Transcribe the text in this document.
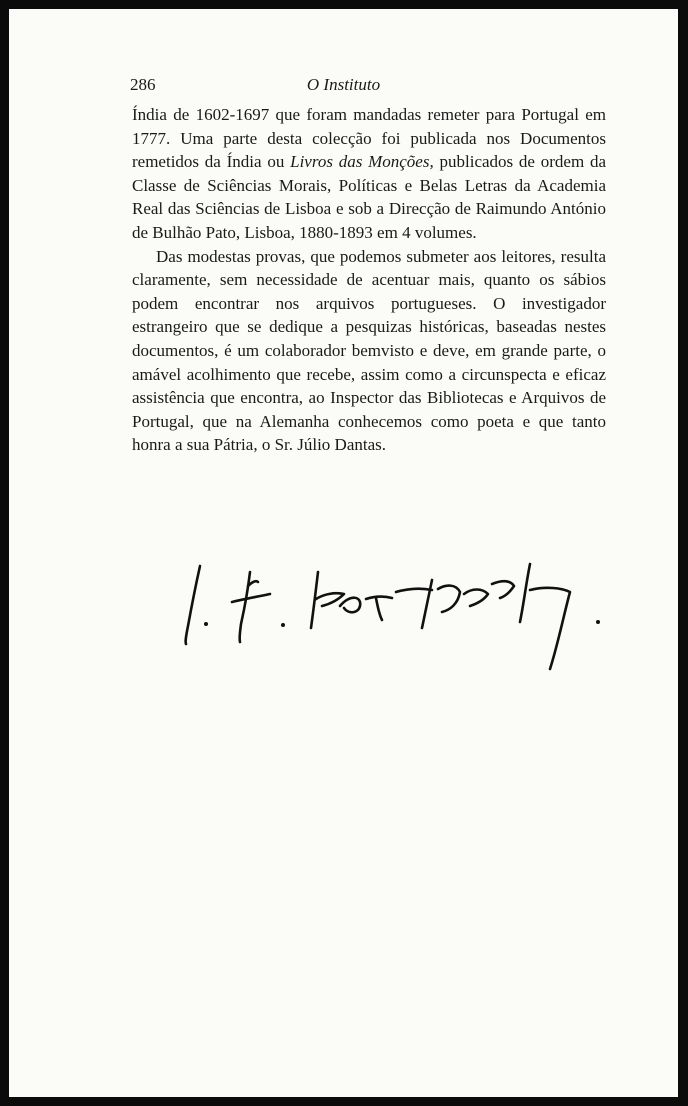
286	O Instituto

Índia de 1602-1697 que foram mandadas remeter para Portugal em 1777. Uma parte desta colecção foi publicada nos Documentos remetidos da Índia ou Livros das Monções, publicados de ordem da Classe de Sciências Morais, Políticas e Belas Letras da Academia Real das Sciências de Lisboa e sob a Direcção de Raimundo António de Bulhão Pato, Lisboa, 1880-1893 em 4 volumes.

Das modestas provas, que podemos submeter aos leitores, resulta claramente, sem necessidade de acentuar mais, quanto os sábios podem encontrar nos arquivos portugueses. O investigador estrangeiro que se dedique a pesquizas históricas, baseadas nestes documentos, é um colaborador bemvisto e deve, em grande parte, o amável acolhimento que recebe, assim como a circunspecta e eficaz assistência que encontra, ao Inspector das Bibliotecas e Arquivos de Portugal, que na Alemanha conhecemos como poeta e que tanto honra a sua Pátria, o Sr. Júlio Dantas.
